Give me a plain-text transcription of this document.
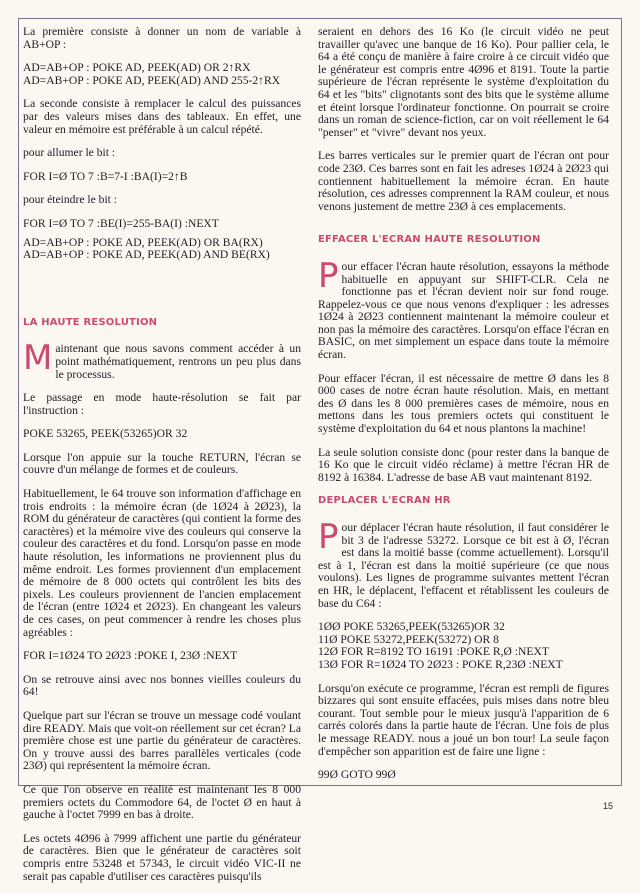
La première consiste à donner un nom de variable à AB+OP :

AD=AB+OP : POKE AD, PEEK(AD) OR 2↑RX
AD=AB+OP : POKE AD, PEEK(AD) AND 255-2↑RX

La seconde consiste à remplacer le calcul des puissances par des valeurs mises dans des tableaux. En effet, une valeur en mémoire est préférable à un calcul répété.

pour allumer le bit :

FOR I=Ø TO 7 :B=7-I :BA(I)=2↑B

pour éteindre le bit :

FOR I=Ø TO 7 :BE(I)=255-BA(I) :NEXT

AD=AB+OP : POKE AD, PEEK(AD) OR BA(RX)
AD=AB+OP : POKE AD, PEEK(AD) AND BE(RX)

LA HAUTE RESOLUTION

Maintenant que nous savons comment accéder à un point mathématiquement, rentrons un peu plus dans le processus.

Le passage en mode haute-résolution se fait par l'instruction :

POKE 53265, PEEK(53265)OR 32

Lorsque l'on appuie sur la touche RETURN, l'écran se couvre d'un mélange de formes et de couleurs.

Habituellement, le 64 trouve son information d'affichage en trois endroits : la mémoire écran (de 1Ø24 à 2Ø23), la ROM du générateur de caractères (qui contient la forme des caractères) et la mémoire vive des couleurs qui conserve la couleur des caractères et du fond. Lorsqu'on passe en mode haute résolution, les informations ne proviennent plus du même endroit. Les formes proviennent d'un emplacement de mémoire de 8 000 octets qui contrôlent les bits des pixels. Les couleurs proviennent de l'ancien emplacement de l'écran (entre 1Ø24 et 2Ø23). En changeant les valeurs de ces cases, on peut commencer à rendre les choses plus agréables :

FOR I=1Ø24 TO 2Ø23 :POKE I, 23Ø :NEXT

On se retrouve ainsi avec nos bonnes vieilles couleurs du 64!

Quelque part sur l'écran se trouve un message codé voulant dire READY. Mais que voit-on réellement sur cet écran? La première chose est une partie du générateur de caractères. On y trouve aussi des barres parallèles verticales (code 23Ø) qui représentent la mémoire écran.

Ce que l'on observe en réalité est maintenant les 8 000 premiers octets du Commodore 64, de l'octet Ø en haut à gauche à l'octet 7999 en bas à droite.

Les octets 4Ø96 à 7999 affichent une partie du générateur de caractères. Bien que le générateur de caractères soit compris entre 53248 et 57343, le circuit vidéo VIC-II ne serait pas capable d'utiliser ces caractères puisqu'ils

seraient en dehors des 16 Ko (le circuit vidéo ne peut travailler qu'avec une banque de 16 Ko). Pour pallier cela, le 64 a été conçu de manière à faire croire à ce circuit vidéo que le générateur est compris entre 4Ø96 et 8191. Toute la partie supérieure de l'écran représente le système d'exploitation du 64 et les "bits" clignotants sont des bits que le système allume et éteint lorsque l'ordinateur fonctionne. On pourrait se croire dans un roman de science-fiction, car on voit réellement le 64 "penser" et "vivre" devant nos yeux.

Les barres verticales sur le premier quart de l'écran ont pour code 23Ø. Ces barres sont en fait les adreses 1Ø24 à 2Ø23 qui contiennent habituellement la mémoire écran. En haute résolution, ces adresses comprennent la RAM couleur, et nous venons justement de mettre 23Ø à ces emplacements.

EFFACER L'ECRAN HAUTE RESOLUTION

Pour effacer l'écran haute résolution, essayons la méthode habituelle en appuyant sur SHIFT-CLR. Cela ne fonctionne pas et l'écran devient noir sur fond rouge. Rappelez-vous ce que nous venons d'expliquer : les adresses 1Ø24 à 2Ø23 contiennent maintenant la mémoire couleur et non pas la mémoire des caractères. Lorsqu'on efface l'écran en BASIC, on met simplement un espace dans toute la mémoire écran.

Pour effacer l'écran, il est nécessaire de mettre Ø dans les 8 000 cases de notre écran haute résolution. Mais, en mettant des Ø dans les 8 000 premières cases de mémoire, nous en mettons dans les tous premiers octets qui constituent le système d'exploitation du 64 et nous plantons la machine!

La seule solution consiste donc (pour rester dans la banque de 16 Ko que le circuit vidéo réclame) à mettre l'écran HR de 8192 à 16384. L'adresse de base AB vaut maintenant 8192.

DEPLACER L'ECRAN HR

Pour déplacer l'écran haute résolution, il faut considérer le bit 3 de l'adresse 53272. Lorsque ce bit est à Ø, l'écran est dans la moitié basse (comme actuellement). Lorsqu'il est à 1, l'écran est dans la moitié supérieure (ce que nous voulons). Les lignes de programme suivantes mettent l'écran en HR, le déplacent, l'effacent et rétablissent les couleurs de base du C64 :

1ØØ POKE 53265,PEEK(53265)OR 32
11Ø POKE 53272,PEEK(53272) OR 8
12Ø FOR R=8192 TO 16191 :POKE R,Ø :NEXT
13Ø FOR R=1Ø24 TO 2Ø23 : POKE R,23Ø :NEXT

Lorsqu'on exécute ce programme, l'écran est rempli de figures bizzares qui sont ensuite effacées, puis mises dans notre bleu courant. Tout semble pour le mieux jusqu'à l'apparition de 6 carrés colorés dans la partie haute de l'écran. Une fois de plus le message READY. nous a joué un bon tour! La seule façon d'empêcher son apparition est de faire une ligne :

99Ø GOTO 99Ø

15
